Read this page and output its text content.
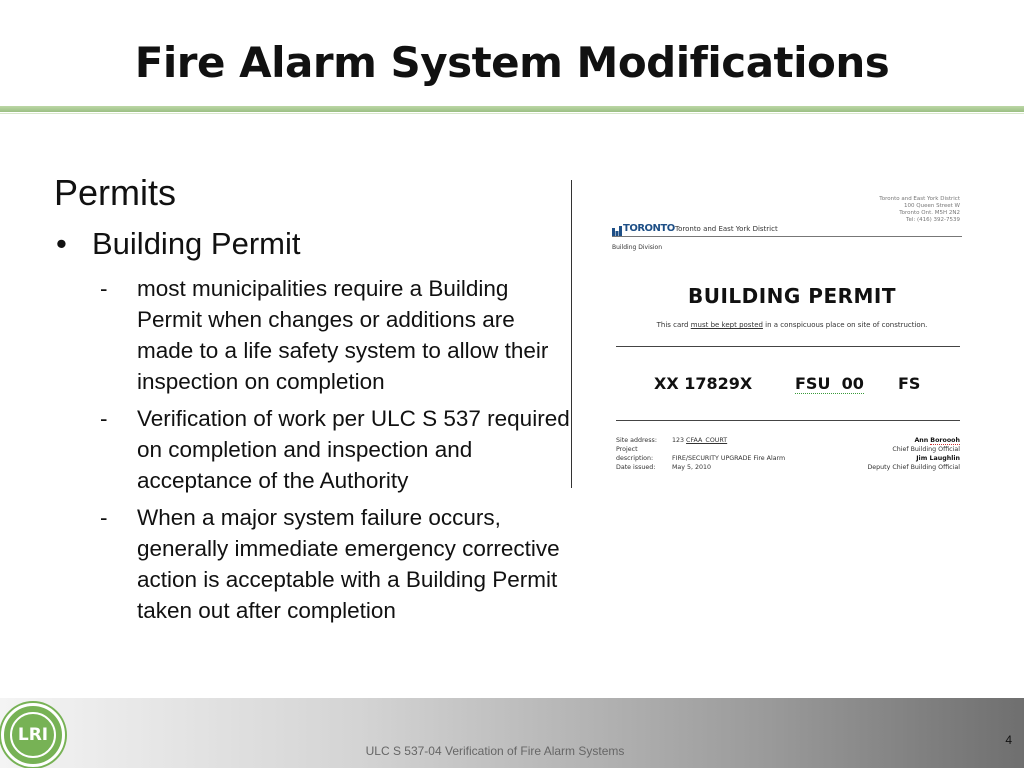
Fire Alarm System Modifications
Permits
• Building Permit
-	most municipalities require a Building Permit when changes or additions are made to a life safety system to allow their inspection on completion
-	Verification of work per ULC S 537 required on completion and inspection and acceptance of the Authority
-	When a major system failure occurs, generally immediate emergency corrective action is acceptable with a Building Permit taken out after completion
Toronto and East York District
100 Queen Street W
Toronto Ont. M5H 2N2
Tel: (416) 392-7539
TORONTO Toronto and East York District
Building Division
BUILDING PERMIT
This card must be kept posted in a conspicuous place on site of construction.
XX 17829X	FSU 00 FS
Site address: 123 CFAA_COURT
Project description:	FIRE/SECURITY UPGRADE Fire Alarm
Date issued:	May 5, 2010
Ann Boroooh
Chief Building Official
Jim Laughlin
Deputy Chief Building Official
LRI
ULC S 537-04 Verification of Fire Alarm Systems
4
